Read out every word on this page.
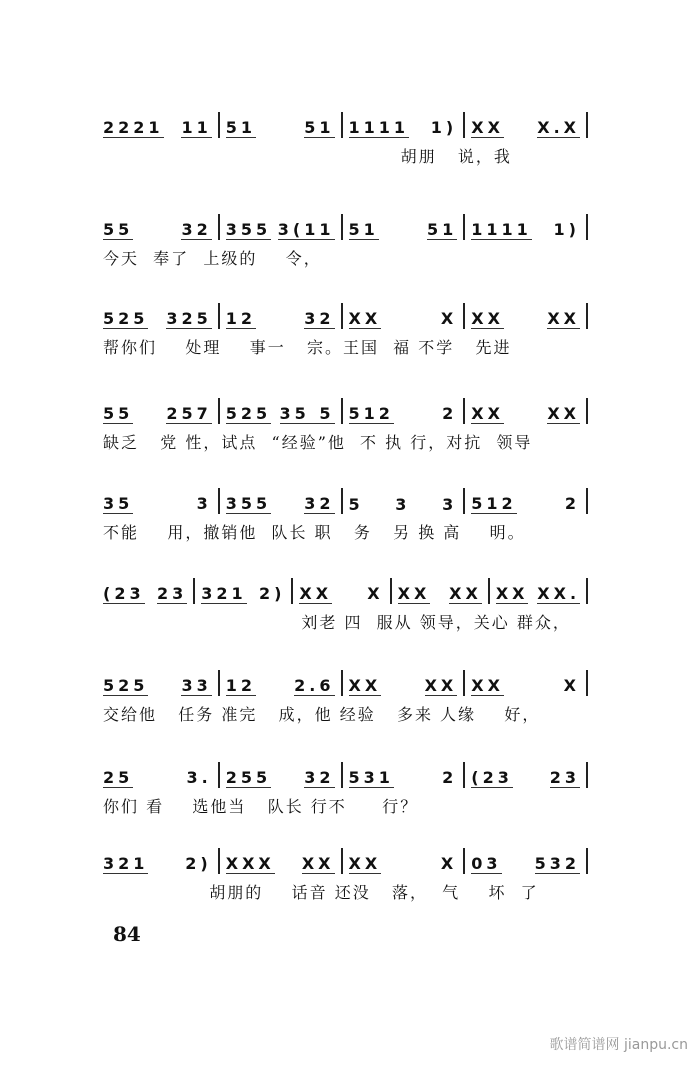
2221 11 51	51 1111 1) XX X.X
胡朋   说，我
55	32 355 3(11 51	51 1111 1)
今天  奉了  上级的    令，
525 325 12	32 XX	X XX	XX
帮你们    处理    事一   宗。王国  福 不学   先进
55 257 525 35 5 512	2 XX	XX
缺乏   党 性，试点  “经验”他  不 执 行，对抗  领导
35	3 355 32 5 3 3 512	2
不能    用，撤销他  队长 职   务   另 换 高    明。
(23 23 321 2) XX X XX XX XX XX.
刘老 四  服从 领导，关心 群众，
525 33 12 2.6 XX	XX XX	X
交给他   任务 准完   成，他 经验   多来 人缘    好，
25	3. 255 32 531	2 (23 23
你们 看    选他当   队长 行不     行？
321 2) XXX XX XX	X 03 532
胡朋的    话音 还没   落，  气    坏  了
84
歌谱简谱网 jianpu.cn
